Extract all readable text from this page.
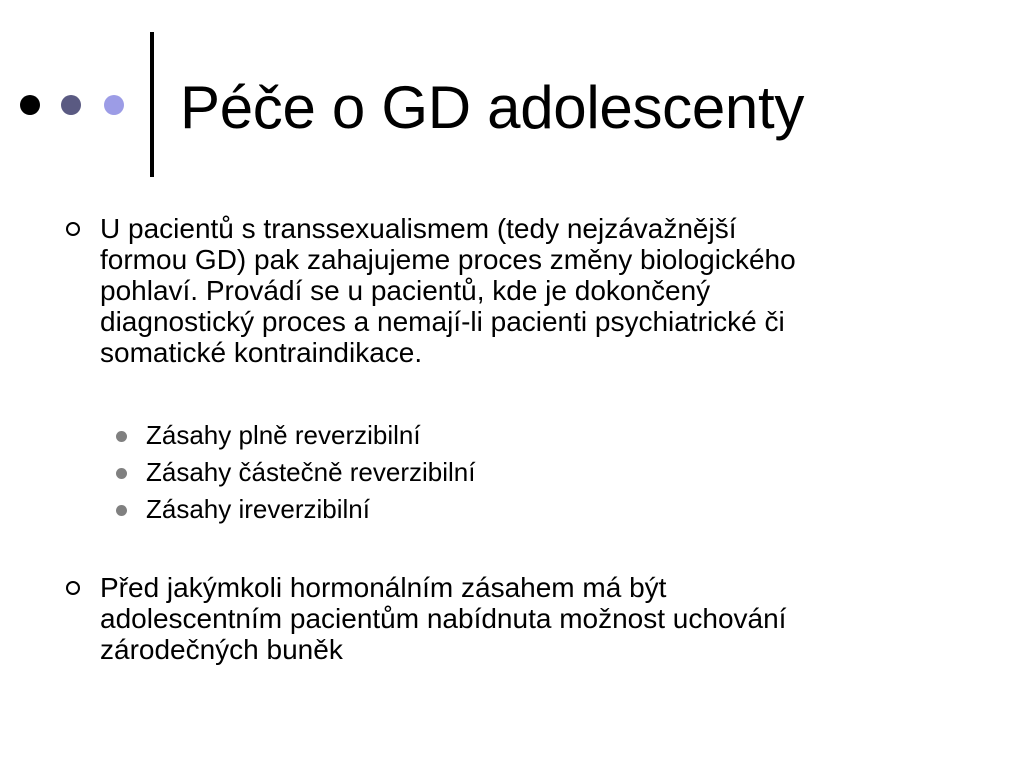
Péče o GD adolescenty

U pacientů s transsexualismem (tedy nejzávažnější
formou GD) pak zahajujeme proces změny biologického
pohlaví. Provádí se u pacientů, kde je dokončený
diagnostický proces a nemají-li pacienti psychiatrické či
somatické kontraindikace.

Zásahy plně reverzibilní
Zásahy částečně reverzibilní
Zásahy ireverzibilní

Před jakýmkoli hormonálním zásahem má být
adolescentním pacientům nabídnuta možnost uchování
zárodečných buněk
